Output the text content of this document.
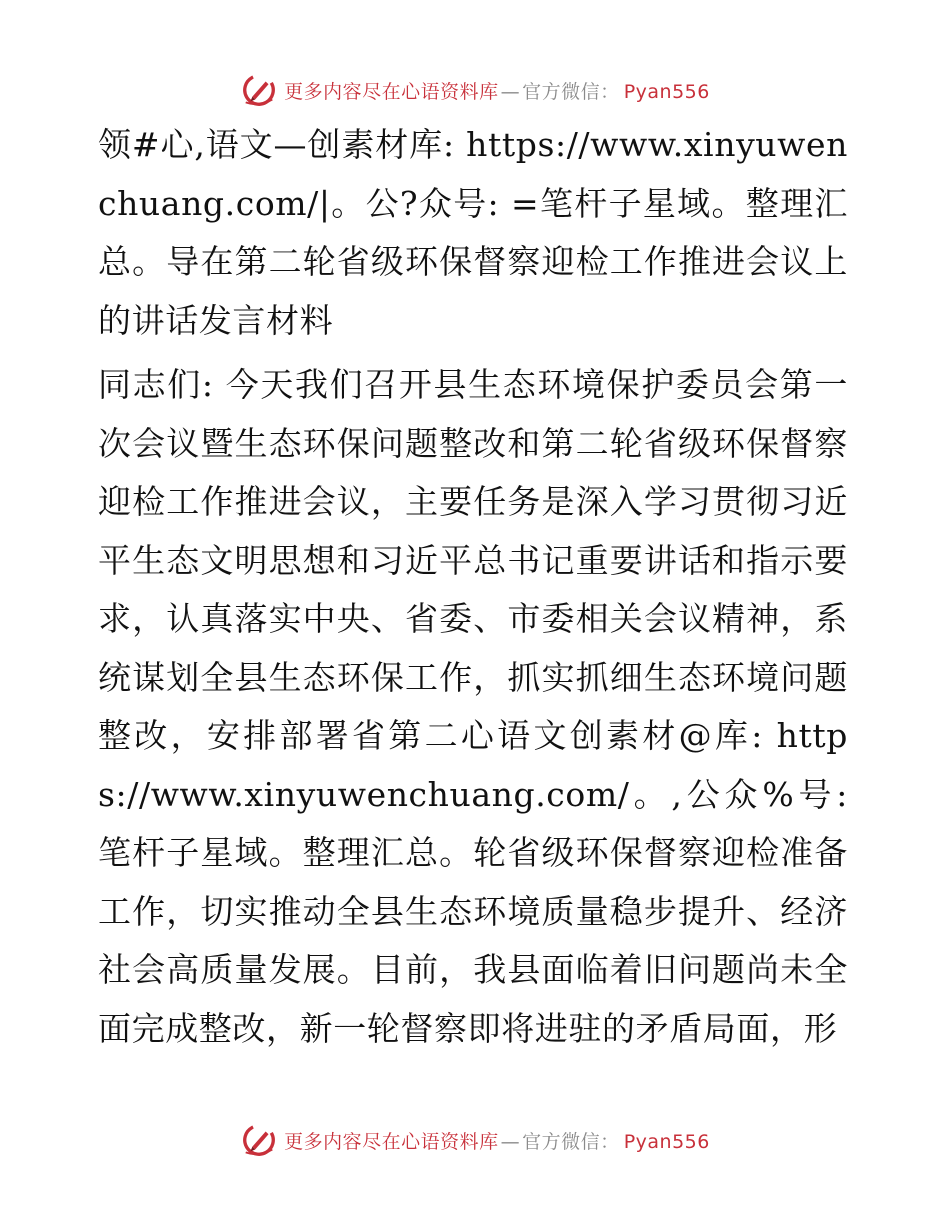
更多内容尽在心语资料库 — 官方微信： Pyan556

领#心,语文—创素材库: https://www.xinyuwenchuang.com/|。公?众号: =笔杆子星域。整理汇总。导在第二轮省级环保督察迎检工作推进会议上的讲话发言材料

同志们: 今天我们召开县生态环境保护委员会第一次会议暨生态环保问题整改和第二轮省级环保督察迎检工作推进会议，主要任务是深入学习贯彻习近平生态文明思想和习近平总书记重要讲话和指示要求，认真落实中央、省委、市委相关会议精神，系统谋划全县生态环保工作，抓实抓细生态环境问题整改，安排部署省第二心语文创素材@库: https://www.xinyuwenchuang.com/。,公众%号: 笔杆子星域。整理汇总。轮省级环保督察迎检准备工作，切实推动全县生态环境质量稳步提升、经济社会高质量发展。目前，我县面临着旧问题尚未全面完成整改，新一轮督察即将进驻的矛盾局面，形

更多内容尽在心语资料库 — 官方微信： Pyan556
